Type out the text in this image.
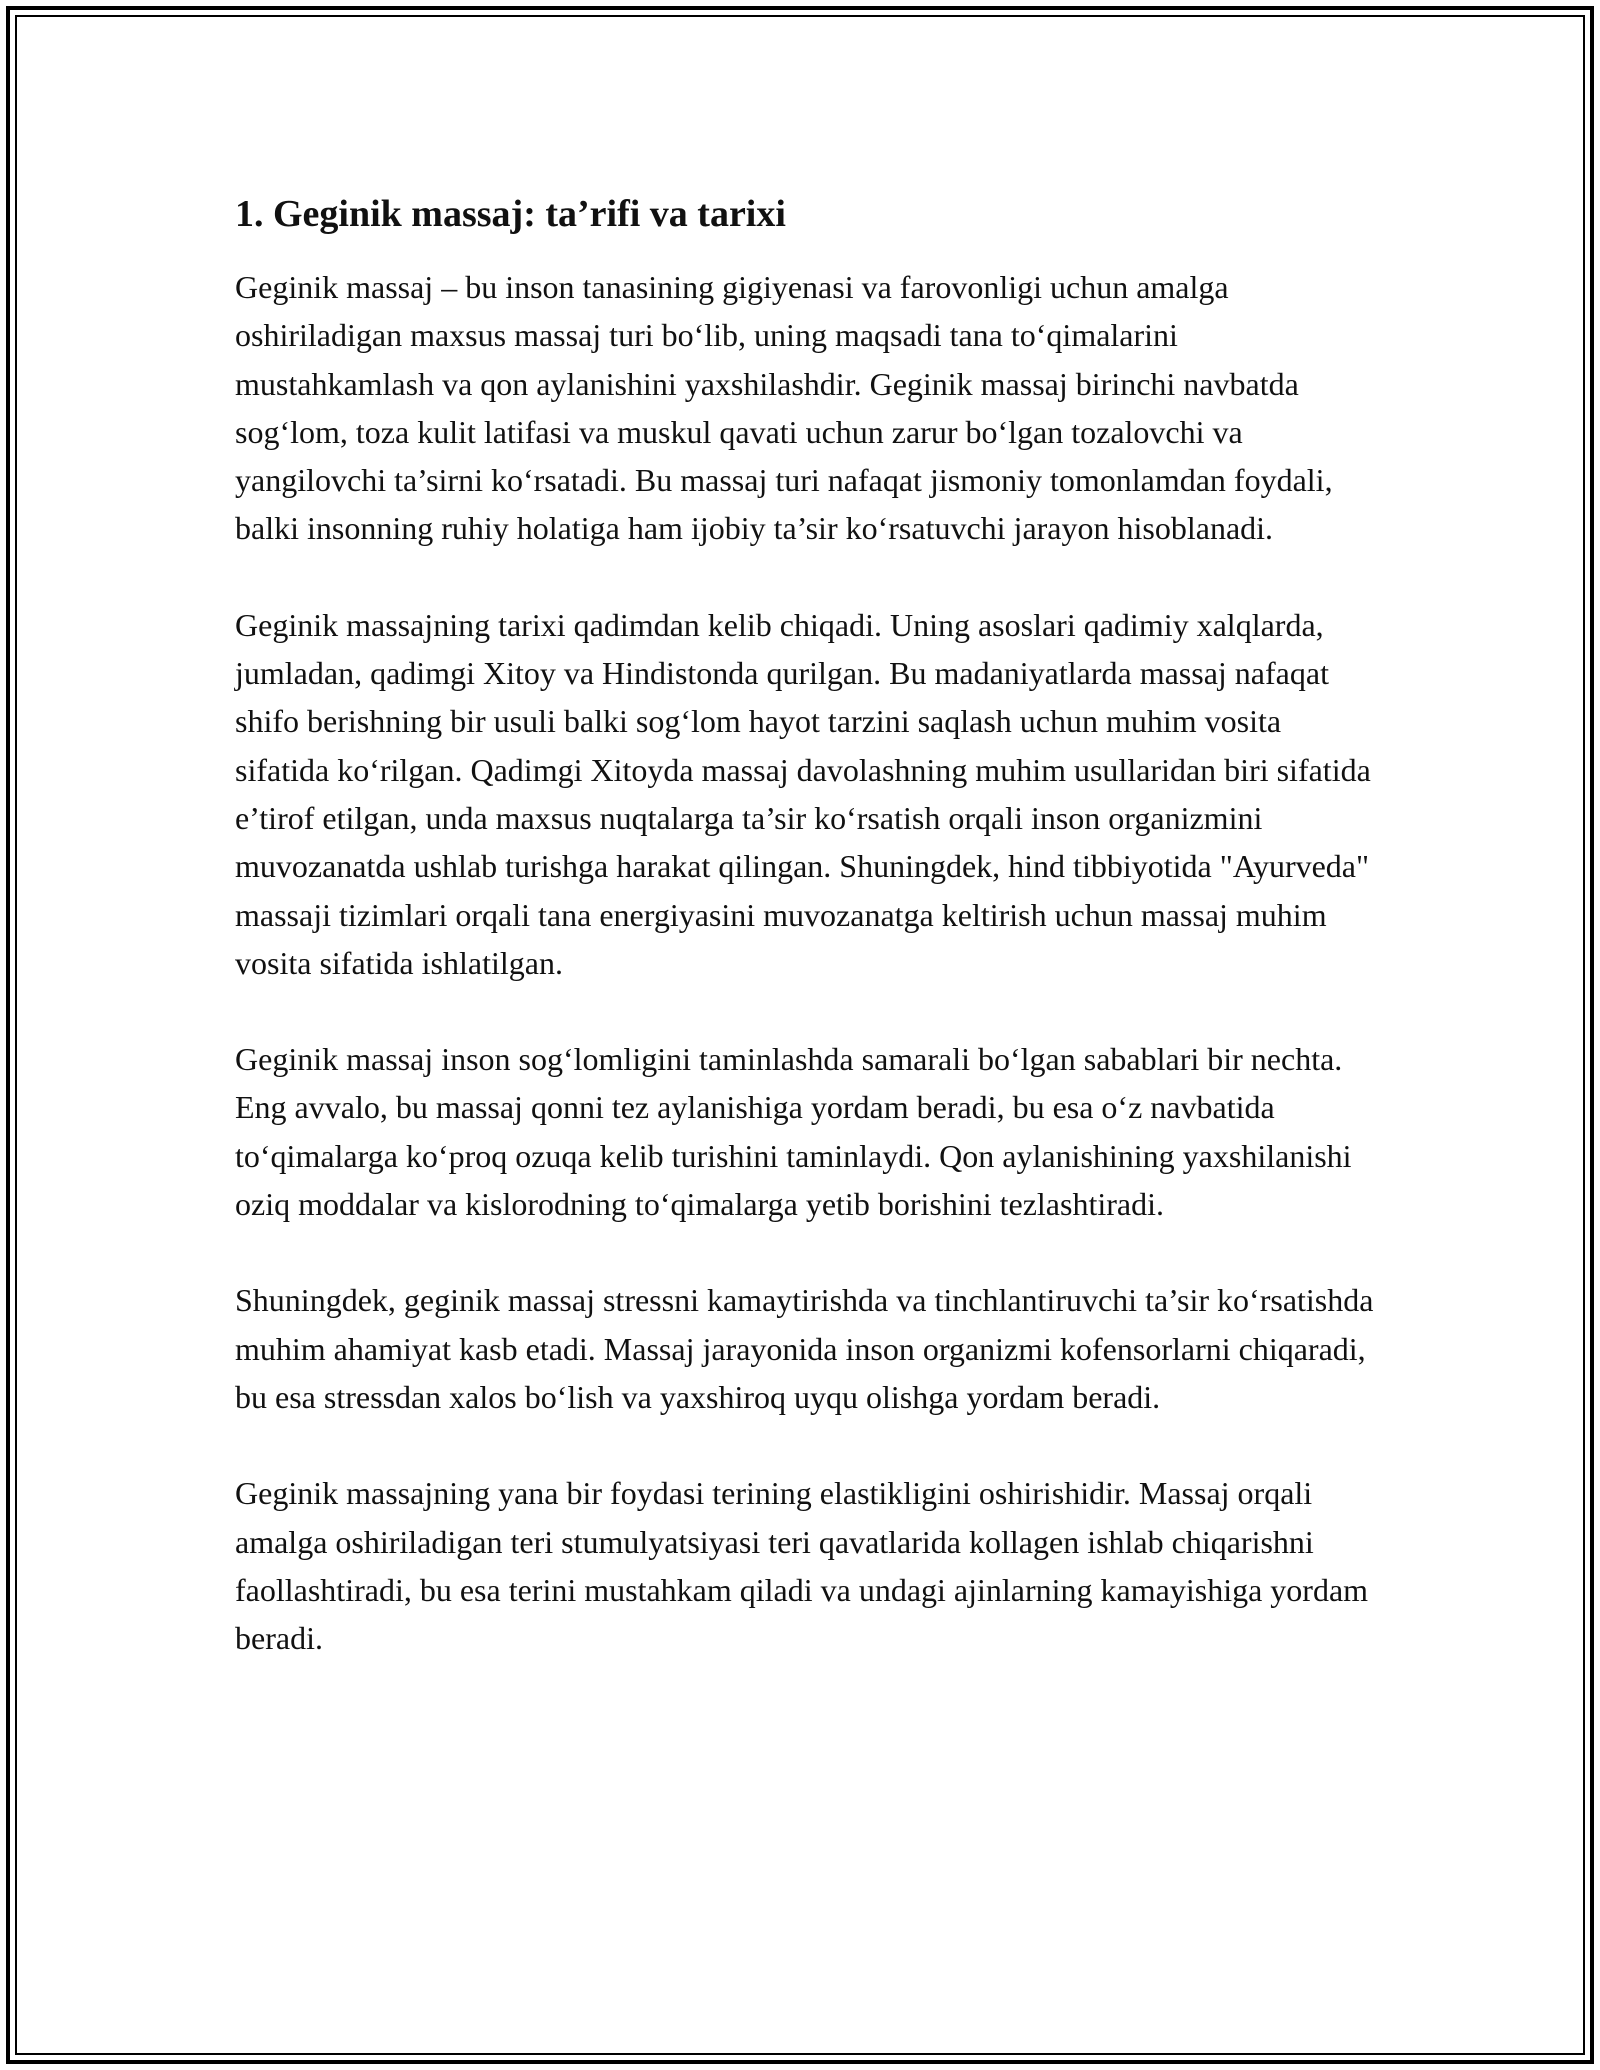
1. Geginik massaj: ta’rifi va tarixi

Geginik massaj – bu inson tanasining gigiyenasi va farovonligi uchun amalga oshiriladigan maxsus massaj turi bo‘lib, uning maqsadi tana to‘qimalarini mustahkamlash va qon aylanishini yaxshilashdir. Geginik massaj birinchi navbatda sog‘lom, toza kulit latifasi va muskul qavati uchun zarur bo‘lgan tozalovchi va yangilovchi ta’sirni ko‘rsatadi. Bu massaj turi nafaqat jismoniy tomonlamdan foydali, balki insonning ruhiy holatiga ham ijobiy ta’sir ko‘rsatuvchi jarayon hisoblanadi.

Geginik massajning tarixi qadimdan kelib chiqadi. Uning asoslari qadimiy xalqlarda, jumladan, qadimgi Xitoy va Hindistonda qurilgan. Bu madaniyatlarda massaj nafaqat shifo berishning bir usuli balki sog‘lom hayot tarzini saqlash uchun muhim vosita sifatida ko‘rilgan. Qadimgi Xitoyda massaj davolashning muhim usullaridan biri sifatida e’tirof etilgan, unda maxsus nuqtalarga ta’sir ko‘rsatish orqali inson organizmini muvozanatda ushlab turishga harakat qilingan. Shuningdek, hind tibbiyotida "Ayurveda" massaji tizimlari orqali tana energiyasini muvozanatga keltirish uchun massaj muhim vosita sifatida ishlatilgan.

Geginik massaj inson sog‘lomligini taminlashda samarali bo‘lgan sabablari bir nechta. Eng avvalo, bu massaj qonni tez aylanishiga yordam beradi, bu esa o‘z navbatida to‘qimalarga ko‘proq ozuqa kelib turishini taminlaydi. Qon aylanishining yaxshilanishi oziq moddalar va kislorodning to‘qimalarga yetib borishini tezlashtiradi.

Shuningdek, geginik massaj stressni kamaytirishda va tinchlantiruvchi ta’sir ko‘rsatishda muhim ahamiyat kasb etadi. Massaj jarayonida inson organizmi kofensorlarni chiqaradi, bu esa stressdan xalos bo‘lish va yaxshiroq uyqu olishga yordam beradi.

Geginik massajning yana bir foydasi terining elastikligini oshirishidir. Massaj orqali amalga oshiriladigan teri stumulyatsiyasi teri qavatlarida kollagen ishlab chiqarishni faollashtiradi, bu esa terini mustahkam qiladi va undagi ajinlarning kamayishiga yordam beradi.
